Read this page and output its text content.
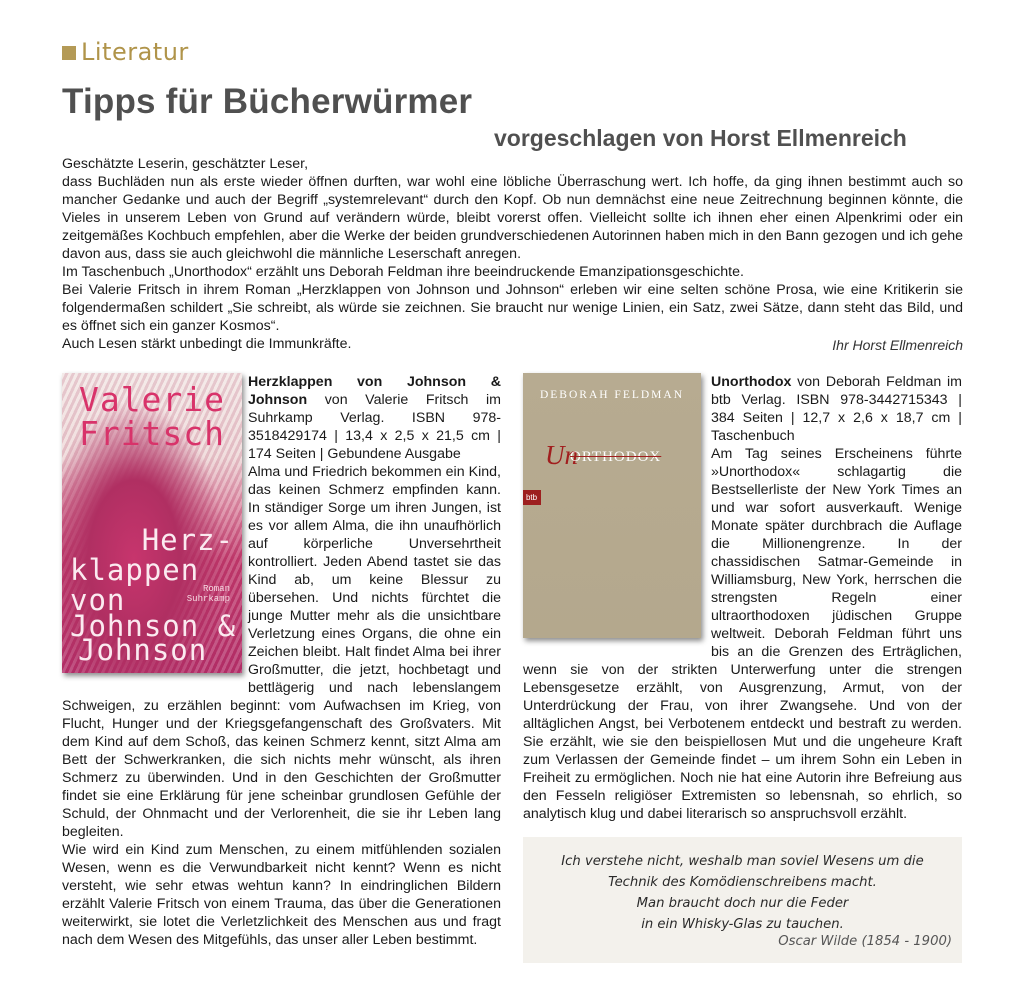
Literatur
Tipps für Bücherwürmer
vorgeschlagen von Horst Ellmenreich

Geschätzte Leserin, geschätzter Leser,

dass Buchläden nun als erste wieder öffnen durften, war wohl eine löbliche Überraschung wert. Ich hoffe, da ging ihnen bestimmt auch so mancher Gedanke und auch der Begriff „systemrelevant“ durch den Kopf. Ob nun demnächst eine neue Zeitrechnung beginnen könnte, die Vieles in unserem Leben von Grund auf verändern würde, bleibt vorerst offen. Vielleicht sollte ich ihnen eher einen Alpenkrimi oder ein zeitgemäßes Kochbuch empfehlen, aber die Werke der beiden grundverschiedenen Autorinnen haben mich in den Bann gezogen und ich gehe davon aus, dass sie auch gleichwohl die männliche Leserschaft anregen.

Im Taschenbuch „Unorthodox“ erzählt uns Deborah Feldman ihre beeindruckende Emanzipationsgeschichte.

Bei Valerie Fritsch in ihrem Roman „Herzklappen von Johnson und Johnson“ erleben wir eine selten schöne Prosa, wie eine Kritikerin sie folgendermaßen schildert „Sie schreibt, als würde sie zeichnen. Sie braucht nur wenige Linien, ein Satz, zwei Sätze, dann steht das Bild, und es öffnet sich ein ganzer Kosmos“.

Auch Lesen stärkt unbedingt die Immunkräfte.	Ihr Horst Ellmenreich

Herzklappen von Johnson & Johnson von Valerie Fritsch im Suhrkamp Verlag. ISBN 978-3518429174 | 13,4 x 2,5 x 21,5 cm | 174 Seiten | Gebundene Ausgabe

Alma und Friedrich bekommen ein Kind, das keinen Schmerz empfinden kann. In ständiger Sorge um ihren Jungen, ist es vor allem Alma, die ihn unaufhörlich auf körperliche Unversehrtheit kontrolliert. Jeden Abend tastet sie das Kind ab, um keine Blessur zu übersehen. Und nichts fürchtet die junge Mutter mehr als die unsichtbare Verletzung eines Organs, die ohne ein Zeichen bleibt. Halt findet Alma bei ihrer Großmutter, die jetzt, hochbetagt und bettlägerig und nach lebenslangem Schweigen, zu erzählen beginnt: vom Aufwachsen im Krieg, von Flucht, Hunger und der Kriegsgefangenschaft des Großvaters. Mit dem Kind auf dem Schoß, das keinen Schmerz kennt, sitzt Alma am Bett der Schwerkranken, die sich nichts mehr wünscht, als ihren Schmerz zu überwinden. Und in den Geschichten der Großmutter findet sie eine Erklärung für jene scheinbar grundlosen Gefühle der Schuld, der Ohnmacht und der Verlorenheit, die sie ihr Leben lang begleiten.

Wie wird ein Kind zum Menschen, zu einem mitfühlenden sozialen Wesen, wenn es die Verwundbarkeit nicht kennt? Wenn es nicht versteht, wie sehr etwas wehtun kann? In eindringlichen Bildern erzählt Valerie Fritsch von einem Trauma, das über die Generationen weiterwirkt, sie lotet die Verletzlichkeit des Menschen aus und fragt nach dem Wesen des Mitgefühls, das unser aller Leben bestimmt.

Valerie
Fritsch
Herz-
klappen
von
Johnson &
Johnson
Roman
Suhrkamp

Unorthodox von Deborah Feldman im btb Verlag. ISBN 978-3442715343 | 384 Seiten | 12,7 x 2,6 x 18,7 cm | Taschenbuch

Am Tag seines Erscheinens führte »Unorthodox« schlagartig die Bestsellerliste der New York Times an und war sofort ausverkauft. Wenige Monate später durchbrach die Auflage die Millionengrenze. In der chassidischen Satmar-Gemeinde in Williamsburg, New York, herrschen die strengsten Regeln einer ultraorthodoxen jüdischen Gruppe weltweit. Deborah Feldman führt uns bis an die Grenzen des Erträglichen, wenn sie von der strikten Unterwerfung unter die strengen Lebensgesetze erzählt, von Ausgrenzung, Armut, von der Unterdrückung der Frau, von ihrer Zwangsehe. Und von der alltäglichen Angst, bei Verbotenem entdeckt und bestraft zu werden. Sie erzählt, wie sie den beispiellosen Mut und die ungeheure Kraft zum Verlassen der Gemeinde findet – um ihrem Sohn ein Leben in Freiheit zu ermöglichen. Noch nie hat eine Autorin ihre Befreiung aus den Fesseln religiöser Extremisten so lebensnah, so ehrlich, so analytisch klug und dabei literarisch so anspruchsvoll erzählt.

DEBORAH FELDMAN
Un
ORTHODOX
btb
Ich verstehe nicht, weshalb man soviel Wesens um die
Technik des Komödienschreibens macht.
Man braucht doch nur die Feder
in ein Whisky-Glas zu tauchen.
Oscar Wilde (1854 - 1900)
